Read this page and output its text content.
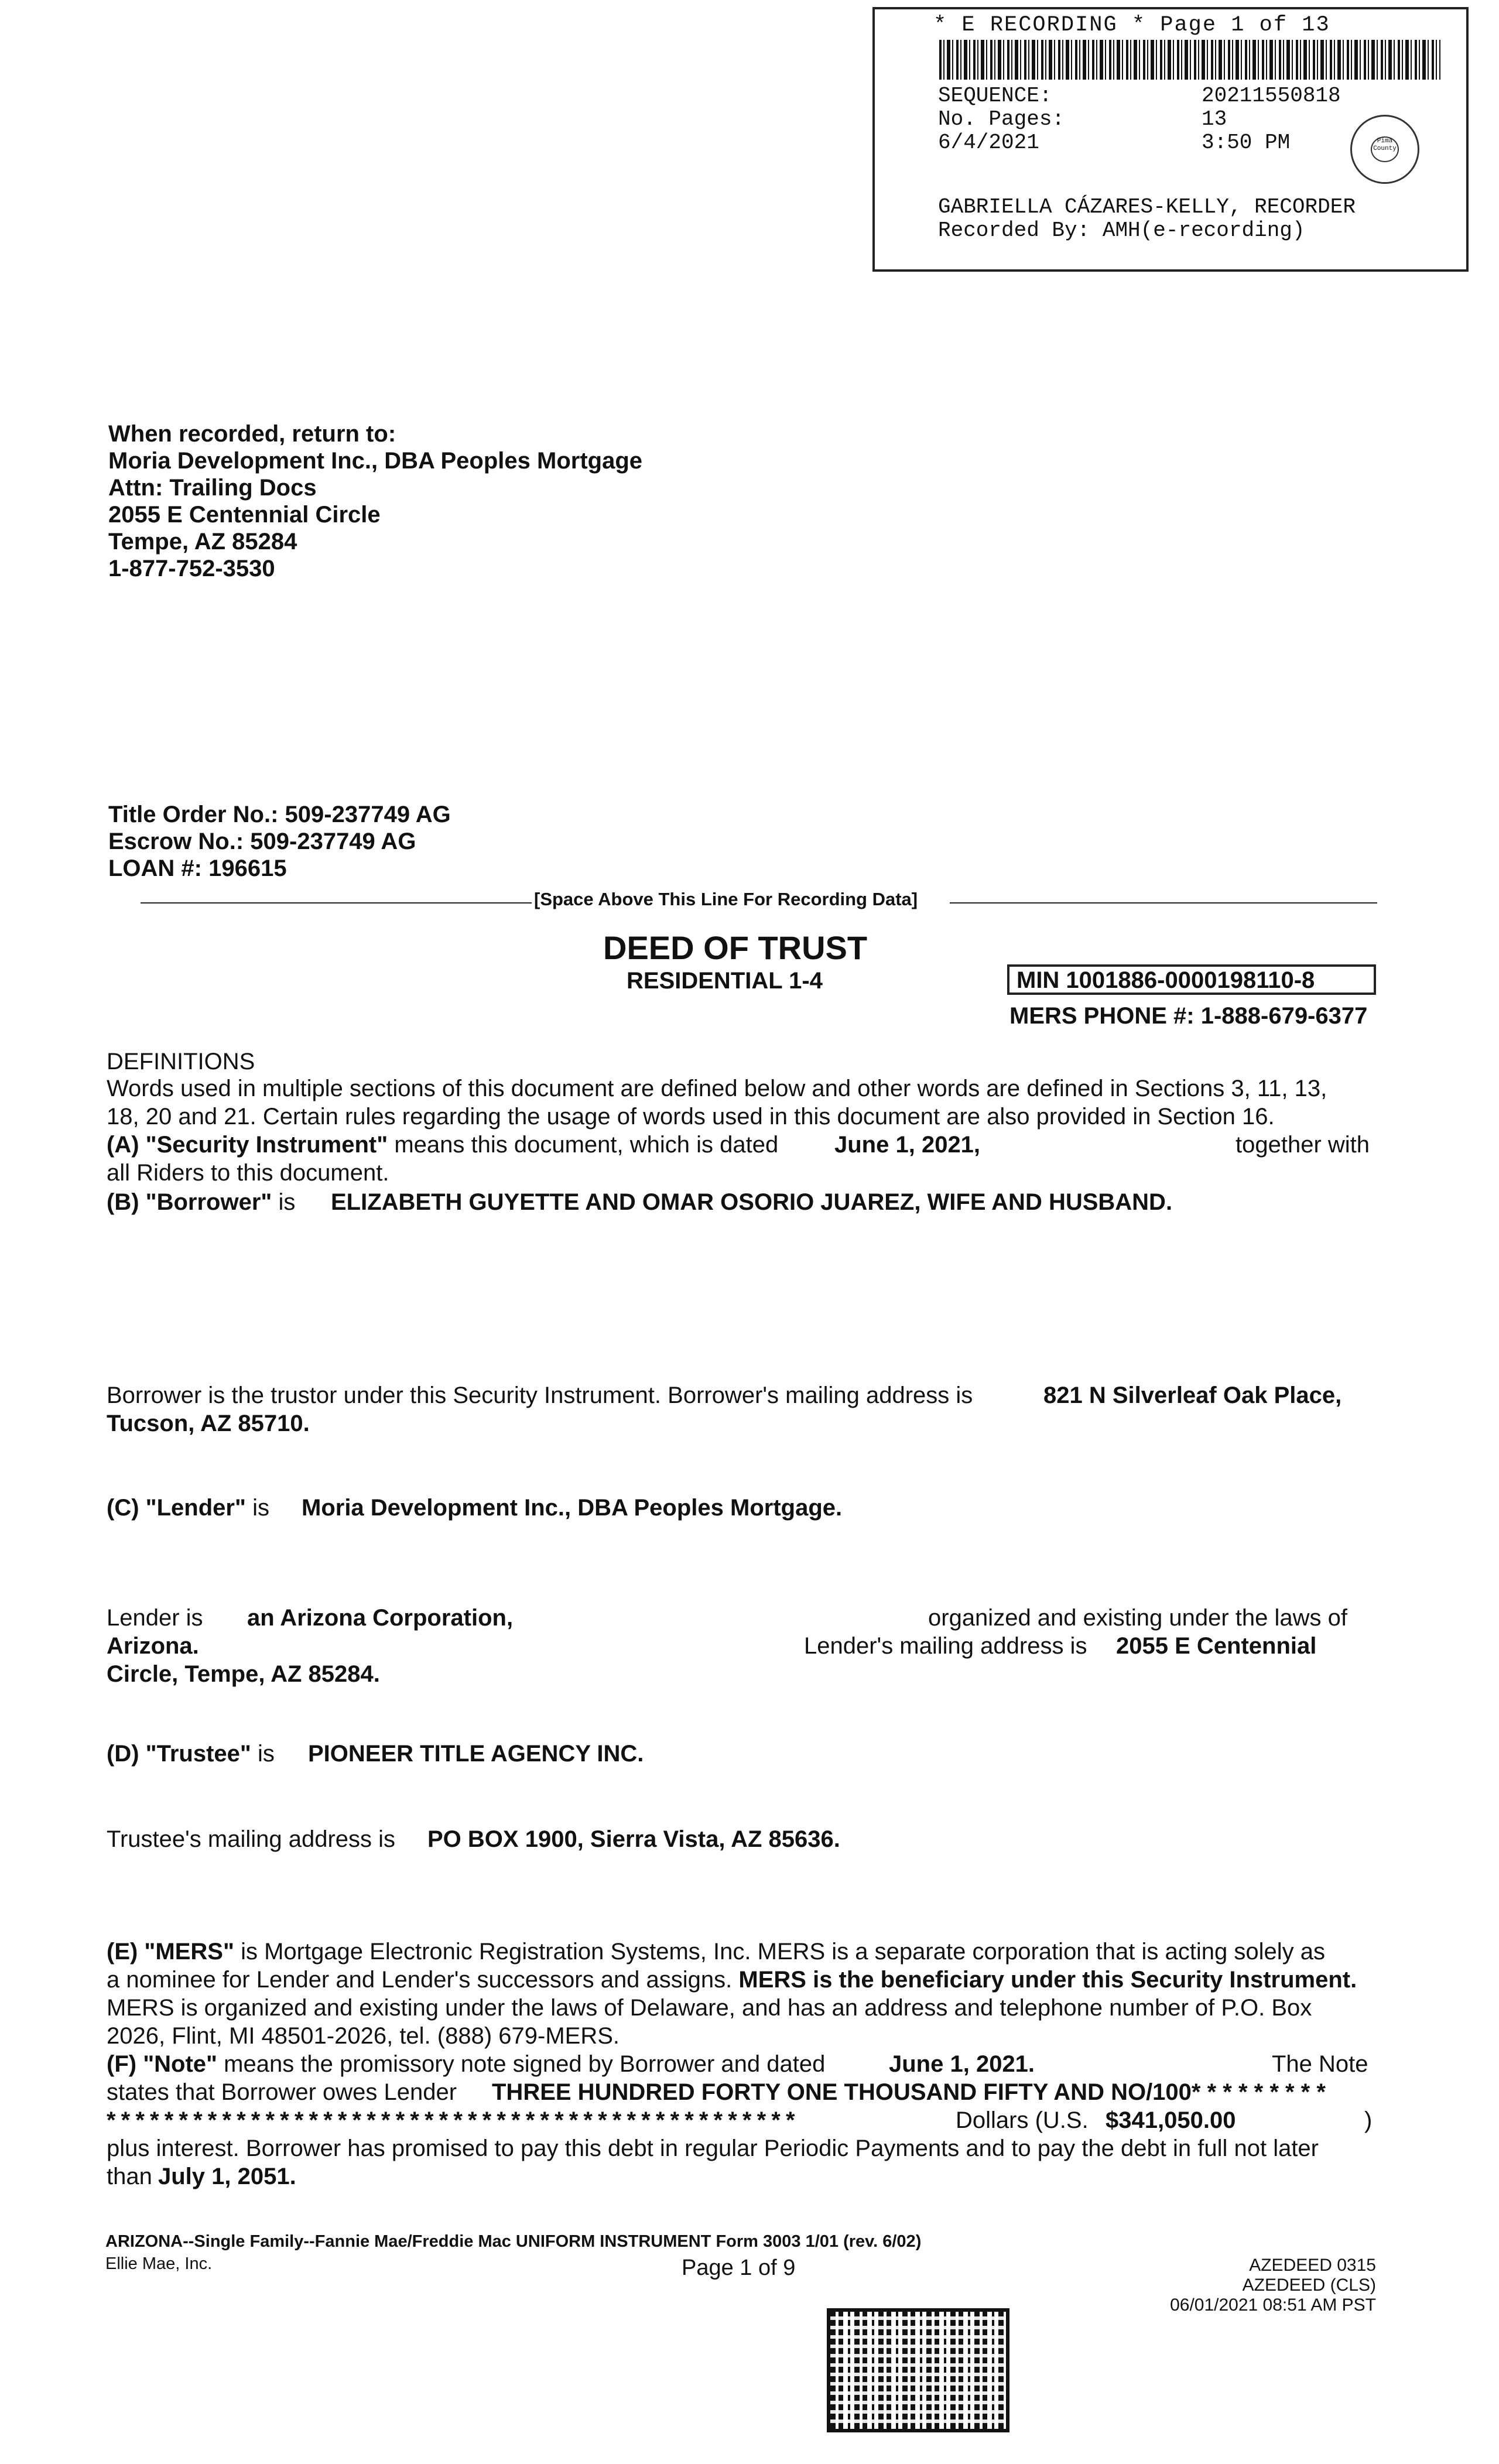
* E RECORDING * Page 1 of 13
SEQUENCE:	20211550818
No. Pages:	13
6/4/2021	3:50 PM	Pima County
GABRIELLA CÁZARES-KELLY, RECORDER
Recorded By: AMH(e-recording)
When recorded, return to:
Moria Development Inc., DBA Peoples Mortgage
Attn: Trailing Docs
2055 E Centennial Circle
Tempe, AZ 85284
1-877-752-3530
Title Order No.: 509-237749 AG
Escrow No.: 509-237749 AG
LOAN #: 196615
[Space Above This Line For Recording Data]
DEED OF TRUST
RESIDENTIAL 1-4	MIN 1001886-0000198110-8
MERS PHONE #: 1-888-679-6377
DEFINITIONS
Words used in multiple sections of this document are defined below and other words are defined in Sections 3, 11, 13,
18, 20 and 21. Certain rules regarding the usage of words used in this document are also provided in Section 16.
(A) "Security Instrument" means this document, which is dated June 1, 2021,	together with
all Riders to this document.
(B) "Borrower" is ELIZABETH GUYETTE AND OMAR OSORIO JUAREZ, WIFE AND HUSBAND.
Borrower is the trustor under this Security Instrument. Borrower's mailing address is	821 N Silverleaf Oak Place,
Tucson, AZ 85710.
(C) "Lender" is Moria Development Inc., DBA Peoples Mortgage.
Lender is an Arizona Corporation,	organized and existing under the laws of
Arizona.	Lender's mailing address is 2055 E Centennial
Circle, Tempe, AZ 85284.
(D) "Trustee" is PIONEER TITLE AGENCY INC.
Trustee's mailing address is PO BOX 1900, Sierra Vista, AZ 85636.
(E) "MERS" is Mortgage Electronic Registration Systems, Inc. MERS is a separate corporation that is acting solely as
a nominee for Lender and Lender's successors and assigns. MERS is the beneficiary under this Security Instrument.
MERS is organized and existing under the laws of Delaware, and has an address and telephone number of P.O. Box
2026, Flint, MI 48501-2026, tel. (888) 679-MERS.
(F) "Note" means the promissory note signed by Borrower and dated	June 1, 2021.	The Note
states that Borrower owes Lender THREE HUNDRED FORTY ONE THOUSAND FIFTY AND NO/100* * * * * * * * *
* * * * * * * * * * * * * * * * * * * * * * * * * * * * * * * * * * * * * * * * * * * * * * * *	Dollars (U.S. $341,050.00	)
plus interest. Borrower has promised to pay this debt in regular Periodic Payments and to pay the debt in full not later
than July 1, 2051.
ARIZONA--Single Family--Fannie Mae/Freddie Mac UNIFORM INSTRUMENT Form 3003 1/01 (rev. 6/02)
Ellie Mae, Inc.	Page 1 of 9	AZEDEED 0315
AZEDEED (CLS)
06/01/2021 08:51 AM PST
